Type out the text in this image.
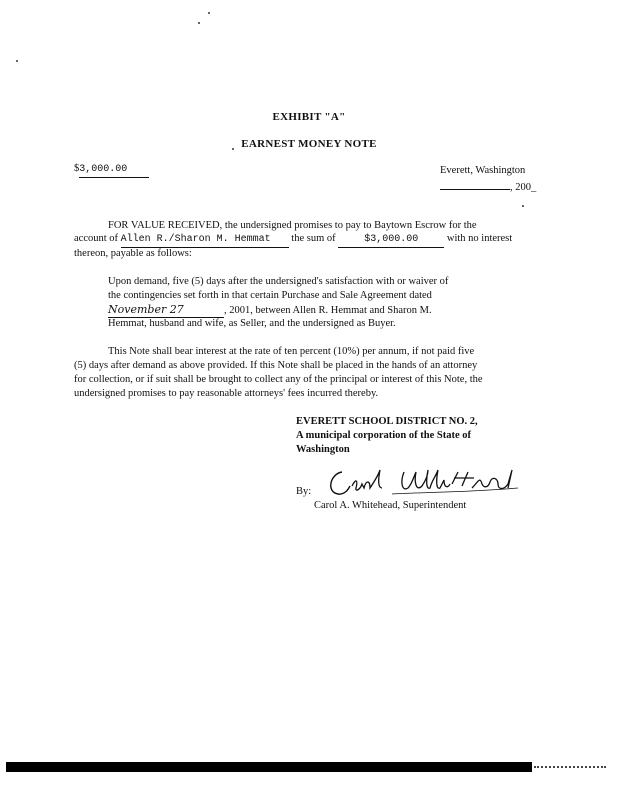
EXHIBIT "A"
EARNEST MONEY NOTE
$3,000.00	Everett, Washington
, 200_
FOR VALUE RECEIVED, the undersigned promises to pay to Baytown Escrow for the
account of Allen R./Sharon M. Hemmat the sum of	$3,000.00	with no interest
thereon, payable as follows:
Upon demand, five (5) days after the undersigned's satisfaction with or waiver of
the contingencies set forth in that certain Purchase and Sale Agreement dated
November 27	, 2001, between Allen R. Hemmat and Sharon M.
Hemmat, husband and wife, as Seller, and the undersigned as Buyer.
This Note shall bear interest at the rate of ten percent (10%) per annum, if not paid five
(5) days after demand as above provided. If this Note shall be placed in the hands of an attorney
for collection, or if suit shall be brought to collect any of the principal or interest of this Note, the
undersigned promises to pay reasonable attorneys' fees incurred thereby.
EVERETT SCHOOL DISTRICT NO. 2,
A municipal corporation of the State of
Washington
By:
Carol A. Whitehead, Superintendent
